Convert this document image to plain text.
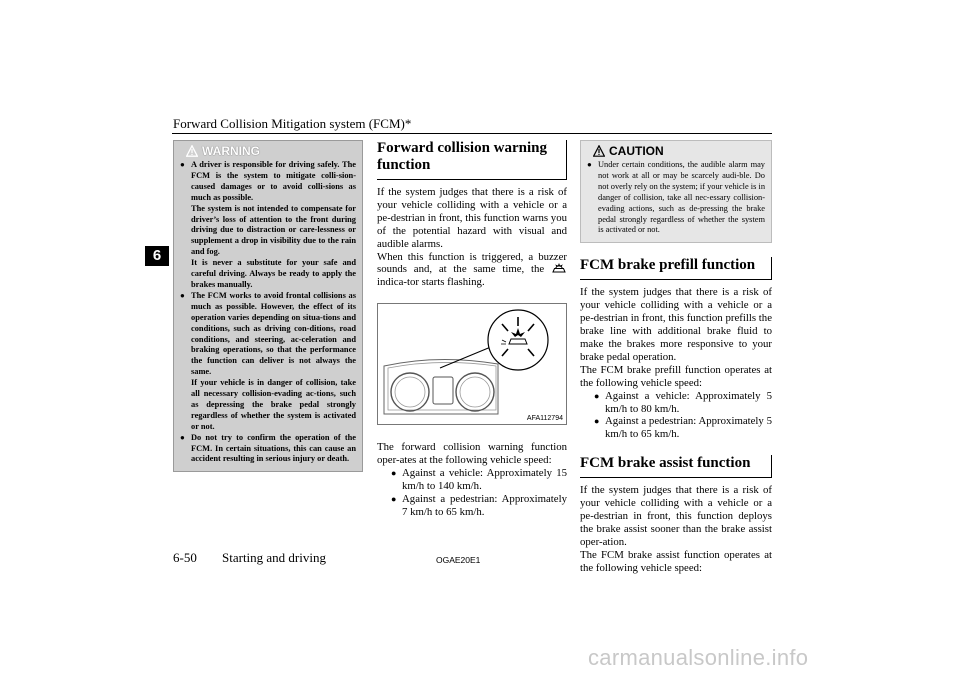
Forward Collision Mitigation system (FCM)*
6
WARNING

● A driver is responsible for driving safely. The FCM is the system to mitigate colli-sion- caused damages or to avoid colli-sions as much as possible.

The system is not intended to compensate for driver’s loss of attention to the front during driving due to distraction or care-lessness or supplement a drop in visibility due to the rain and fog.

It is never a substitute for your safe and careful driving. Always be ready to apply the brakes manually.

● The FCM works to avoid frontal collisions as much as possible. However, the effect of its operation varies depending on situa-tions and conditions, such as driving con-ditions, road conditions, and steering, ac-celeration and braking operations, so that the performance the function can deliver is not always the same.

If your vehicle is in danger of collision, take all necessary collision-evading ac-tions, such as depressing the brake pedal strongly regardless of whether the system is activated or not.

● Do not try to confirm the operation of the FCM. In certain situations, this can cause an accident resulting in serious injury or death.

Forward collision warning function

If the system judges that there is a risk of your vehicle colliding with a vehicle or a pe-destrian in front, this function warns you of the potential hazard with visual and audible alarms.

When this function is triggered, a buzzer sounds and, at the same time, the  indica-tor starts flashing.

AFA112794

The forward collision warning function oper-ates at the following vehicle speed:

● Against a vehicle: Approximately 15 km/h to 140 km/h.
● Against a pedestrian: Approximately 7 km/h to 65 km/h.
CAUTION
● Under certain conditions, the audible alarm may not work at all or may be scarcely audi-ble. Do not overly rely on the system; if your vehicle is in danger of collision, take all nec-essary collision-evading actions, such as de-pressing the brake pedal strongly regardless of whether the system is activated or not.
FCM brake prefill function

If the system judges that there is a risk of your vehicle colliding with a vehicle or a pe-destrian in front, this function prefills the brake line with additional brake fluid to make the brakes more responsive to your brake pedal operation.

The FCM brake prefill function operates at the following vehicle speed:

● Against a vehicle: Approximately 5 km/h to 80 km/h.
● Against a pedestrian: Approximately 5 km/h to 65 km/h.
FCM brake assist function

If the system judges that there is a risk of your vehicle colliding with a vehicle or a pe-destrian in front, this function deploys the brake assist sooner than the brake assist oper-ation.

The FCM brake assist function operates at the following vehicle speed:

6-50 Starting and driving	OGAE20E1
carmanualsonline.info
